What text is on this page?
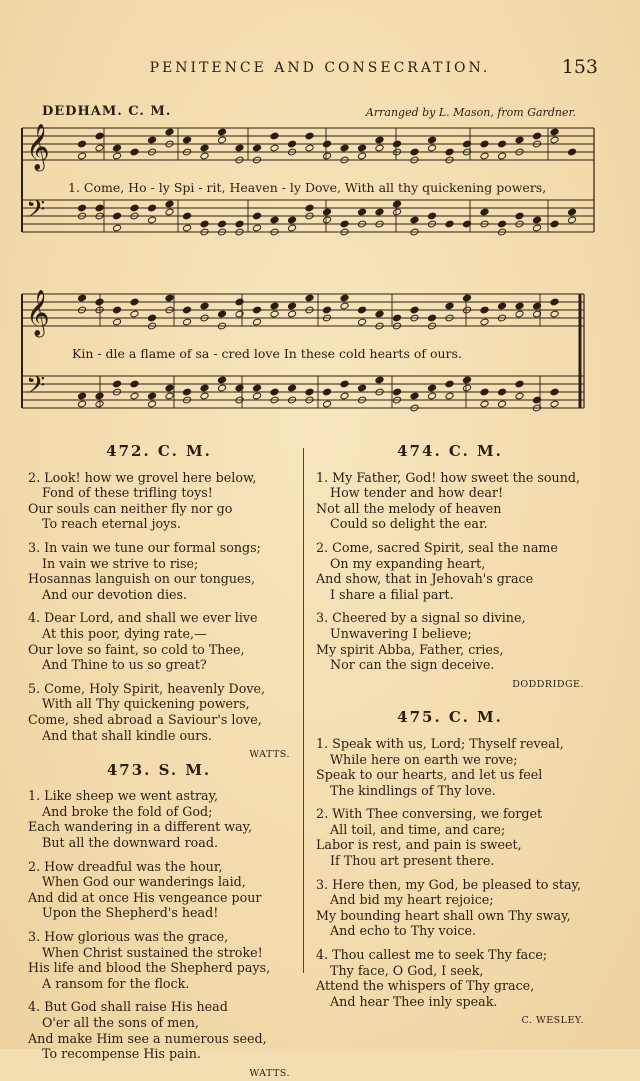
PENITENCE AND CONSECRATION.	153
DEDHAM. C. M.	Arranged by L. Mason, from Gardner.
𝄞
𝄢
𝄞
𝄢
1. Come, Ho - ly Spi - rit, Heaven - ly Dove, With all thy quickening powers,
Kin - dle a flame of sa - cred love In these cold hearts of ours.
472. C. M.
2. Look! how we grovel here below,
Fond of these trifling toys!
Our souls can neither fly nor go
To reach eternal joys.
3. In vain we tune our formal songs;
In vain we strive to rise;
Hosannas languish on our tongues,
And our devotion dies.
4. Dear Lord, and shall we ever live
At this poor, dying rate,—
Our love so faint, so cold to Thee,
And Thine to us so great?
5. Come, Holy Spirit, heavenly Dove,
With all Thy quickening powers,
Come, shed abroad a Saviour's love,
And that shall kindle ours.
WATTS.
473. S. M.
1. Like sheep we went astray,
And broke the fold of God;
Each wandering in a different way,
But all the downward road.
2. How dreadful was the hour,
When God our wanderings laid,
And did at once His vengeance pour
Upon the Shepherd's head!
3. How glorious was the grace,
When Christ sustained the stroke!
His life and blood the Shepherd pays,
A ransom for the flock.
4. But God shall raise His head
O'er all the sons of men,
And make Him see a numerous seed,
To recompense His pain.
WATTS.
474. C. M.
1. My Father, God! how sweet the sound,
How tender and how dear!
Not all the melody of heaven
Could so delight the ear.
2. Come, sacred Spirit, seal the name
On my expanding heart,
And show, that in Jehovah's grace
I share a filial part.
3. Cheered by a signal so divine,
Unwavering I believe;
My spirit Abba, Father, cries,
Nor can the sign deceive.
DODDRIDGE.
475. C. M.
1. Speak with us, Lord; Thyself reveal,
While here on earth we rove;
Speak to our hearts, and let us feel
The kindlings of Thy love.
2. With Thee conversing, we forget
All toil, and time, and care;
Labor is rest, and pain is sweet,
If Thou art present there.
3. Here then, my God, be pleased to stay,
And bid my heart rejoice;
My bounding heart shall own Thy sway,
And echo to Thy voice.
4. Thou callest me to seek Thy face;
Thy face, O God, I seek,
Attend the whispers of Thy grace,
And hear Thee inly speak.
C. WESLEY.
